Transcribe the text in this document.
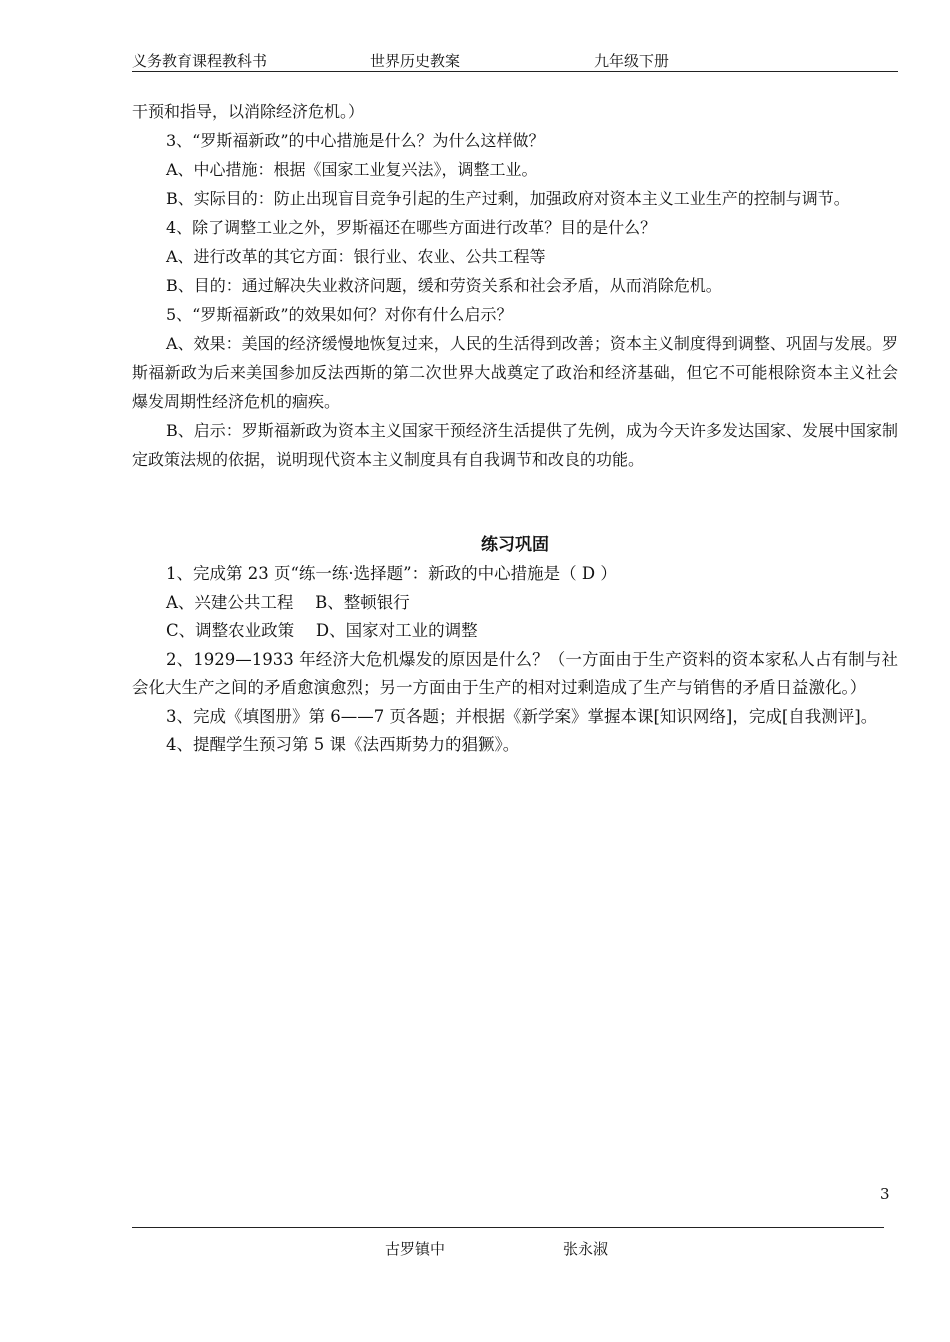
义务教育课程教科书	世界历史教案	九年级下册

干预和指导，以消除经济危机。）

3、“罗斯福新政”的中心措施是什么？为什么这样做？

A、中心措施：根据《国家工业复兴法》，调整工业。

B、实际目的：防止出现盲目竞争引起的生产过剩，加强政府对资本主义工业生产的控制与调节。

4、除了调整工业之外，罗斯福还在哪些方面进行改革？目的是什么？

A、进行改革的其它方面：银行业、农业、公共工程等

B、目的：通过解决失业救济问题，缓和劳资关系和社会矛盾，从而消除危机。

5、“罗斯福新政”的效果如何？对你有什么启示？

A、效果：美国的经济缓慢地恢复过来，人民的生活得到改善；资本主义制度得到调整、巩固与发展。罗斯福新政为后来美国参加反法西斯的第二次世界大战奠定了政治和经济基础，但它不可能根除资本主义社会爆发周期性经济危机的痼疾。

B、启示：罗斯福新政为资本主义国家干预经济生活提供了先例，成为今天许多发达国家、发展中国家制定政策法规的依据，说明现代资本主义制度具有自我调节和改良的功能。

练习巩固

1、完成第 23 页“练一练·选择题”：新政的中心措施是（ D ）

A、兴建公共工程　 B、整顿银行

C、调整农业政策　 D、国家对工业的调整

2、1929—1933 年经济大危机爆发的原因是什么？（一方面由于生产资料的资本家私人占有制与社会化大生产之间的矛盾愈演愈烈；另一方面由于生产的相对过剩造成了生产与销售的矛盾日益激化。）

3、完成《填图册》第 6——7 页各题；并根据《新学案》掌握本课[知识网络]，完成[自我测评]。

4、提醒学生预习第 5 课《法西斯势力的猖獗》。

3
古罗镇中	张永淑
